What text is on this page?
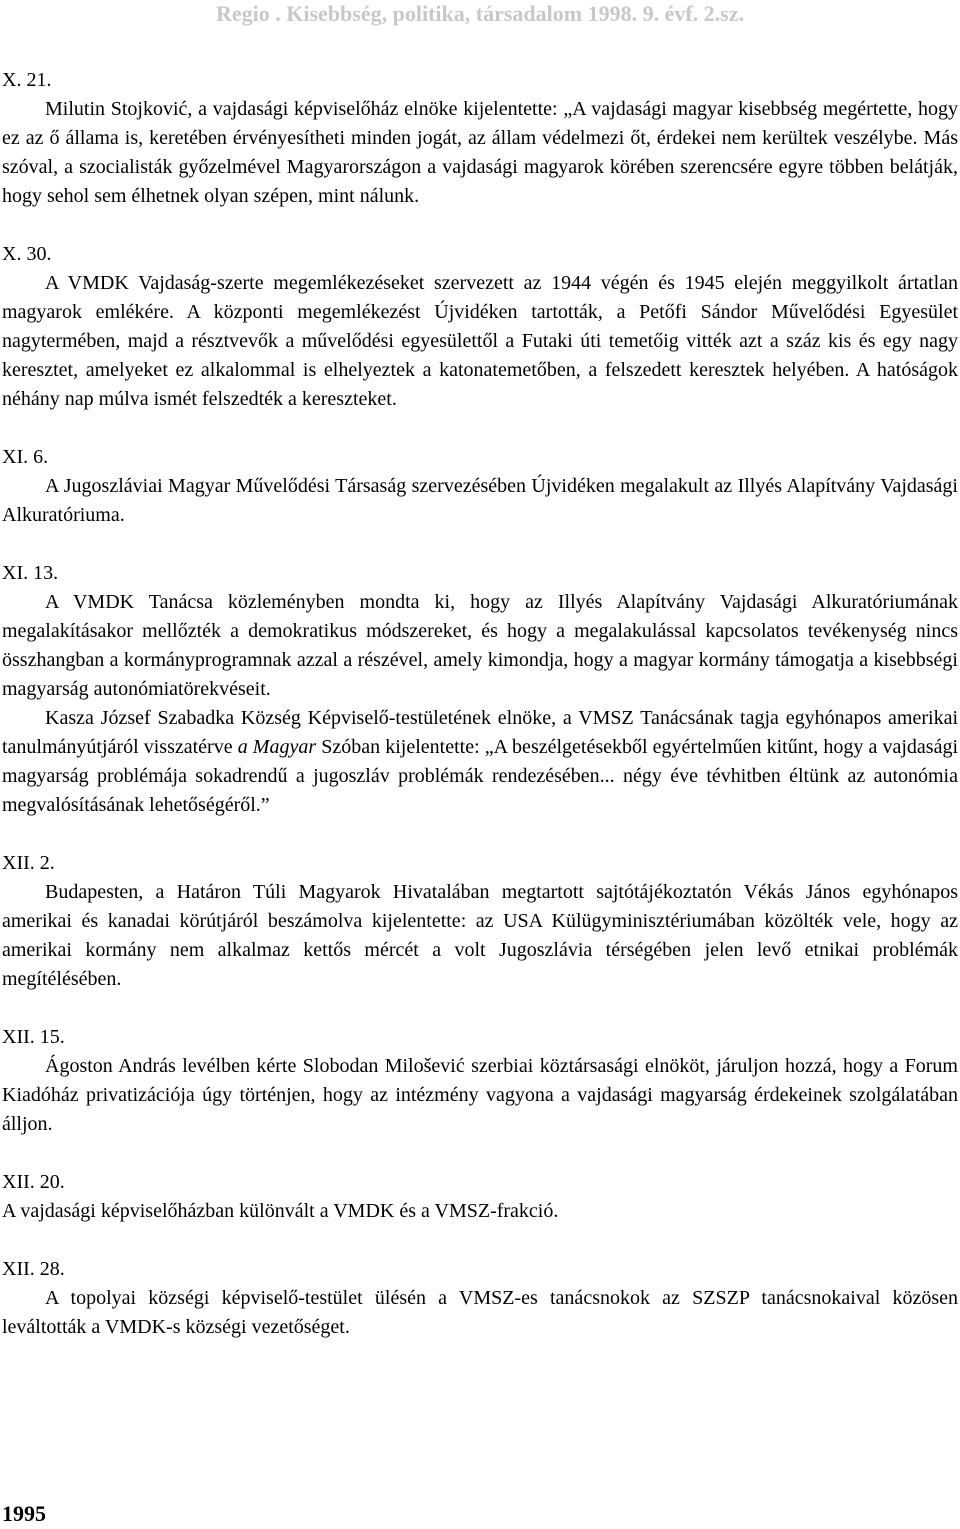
Regio . Kisebbség, politika, társadalom 1998. 9. évf. 2.sz.
X. 21.

Milutin Stojković, a vajdasági képviselőház elnöke kijelentette: „A vajdasági magyar kisebbség megértette, hogy ez az ő állama is, keretében érvényesítheti minden jogát, az állam védelmezi őt, érdekei nem kerültek veszélybe. Más szóval, a szocialisták győzelmével Magyarországon a vajdasági magyarok körében szerencsére egyre többen belátják, hogy sehol sem élhetnek olyan szépen, mint nálunk.

X. 30.

A VMDK Vajdaság-szerte megemlékezéseket szervezett az 1944 végén és 1945 elején meggyilkolt ártatlan magyarok emlékére. A központi megemlékezést Újvidéken tartották, a Petőfi Sándor Művelődési Egyesület nagytermében, majd a résztvevők a művelődési egyesülettől a Futaki úti temetőig vitték azt a száz kis és egy nagy keresztet, amelyeket ez alkalommal is elhelyeztek a katonatemetőben, a felszedett keresztek helyében. A hatóságok néhány nap múlva ismét felszedték a kereszteket.

XI. 6.

A Jugoszláviai Magyar Művelődési Társaság szervezésében Újvidéken megalakult az Illyés Alapítvány Vajdasági Alkuratóriuma.

XI. 13.

A VMDK Tanácsa közleményben mondta ki, hogy az Illyés Alapítvány Vajdasági Alkuratóriumának megalakításakor mellőzték a demokratikus módszereket, és hogy a megalakulással kapcsolatos tevékenység nincs összhangban a kormányprogramnak azzal a részével, amely kimondja, hogy a magyar kormány támogatja a kisebbségi magyarság autonómiatörekvéseit.

Kasza József Szabadka Község Képviselő-testületének elnöke, a VMSZ Tanácsának tagja egyhónapos amerikai tanulmányútjáról visszatérve a Magyar Szóban kijelentette: „A beszélgetésekből egyértelműen kitűnt, hogy a vajdasági magyarság problémája sokadrendű a jugoszláv problémák rendezésében... négy éve tévhitben éltünk az autonómia megvalósításának lehetőségéről.”

XII. 2.

Budapesten, a Határon Túli Magyarok Hivatalában megtartott sajtótájékoztatón Vékás János egyhónapos amerikai és kanadai körútjáról beszámolva kijelentette: az USA Külügyminisztériumában közölték vele, hogy az amerikai kormány nem alkalmaz kettős mércét a volt Jugoszlávia térségében jelen levő etnikai problémák megítélésében.

XII. 15.

Ágoston András levélben kérte Slobodan Milošević szerbiai köztársasági elnököt, járuljon hozzá, hogy a Forum Kiadóház privatizációja úgy történjen, hogy az intézmény vagyona a vajdasági magyarság érdekeinek szolgálatában álljon.

XII. 20.

A vajdasági képviselőházban különvált a VMDK és a VMSZ-frakció.

XII. 28.

A topolyai községi képviselő-testület ülésén a VMSZ-es tanácsnokok az SZSZP tanácsnokaival közösen leváltották a VMDK-s községi vezetőséget.

1995
